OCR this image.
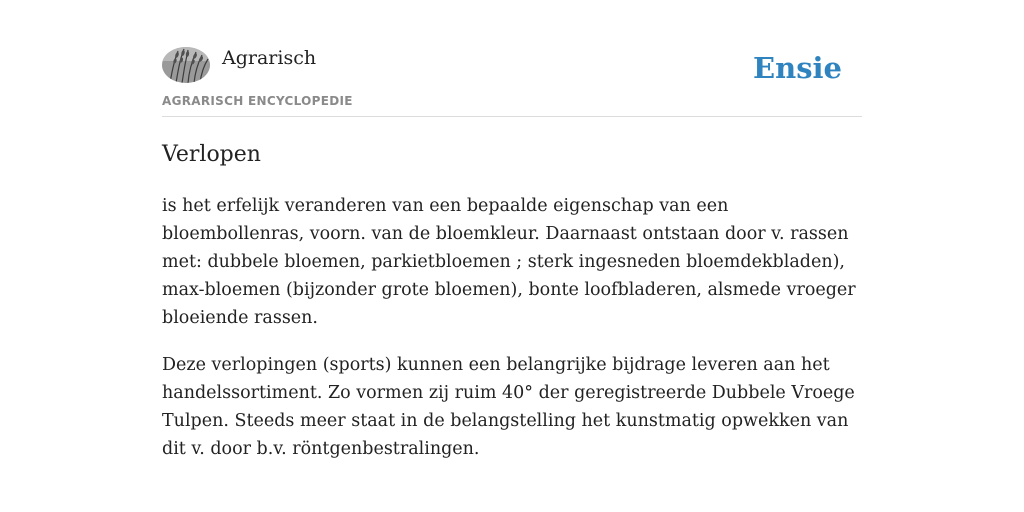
Agrarisch
AGRARISCH ENCYCLOPEDIE
Ensie
Verlopen

is het erfelijk veranderen van een bepaalde eigenschap van een bloembollenras, voorn. van de bloemkleur. Daarnaast ontstaan door v. rassen met: dubbele bloemen, parkietbloemen ; sterk ingesneden bloemdekbladen), max-bloemen (bijzonder grote bloemen), bonte loofbladeren, alsmede vroeger bloeiende rassen.

Deze verlopingen (sports) kunnen een belangrijke bijdrage leveren aan het handelssortiment. Zo vormen zij ruim 40° der geregistreerde Dubbele Vroege Tulpen. Steeds meer staat in de belangstelling het kunstmatig opwekken van dit v. door b.v. röntgenbestralingen.
